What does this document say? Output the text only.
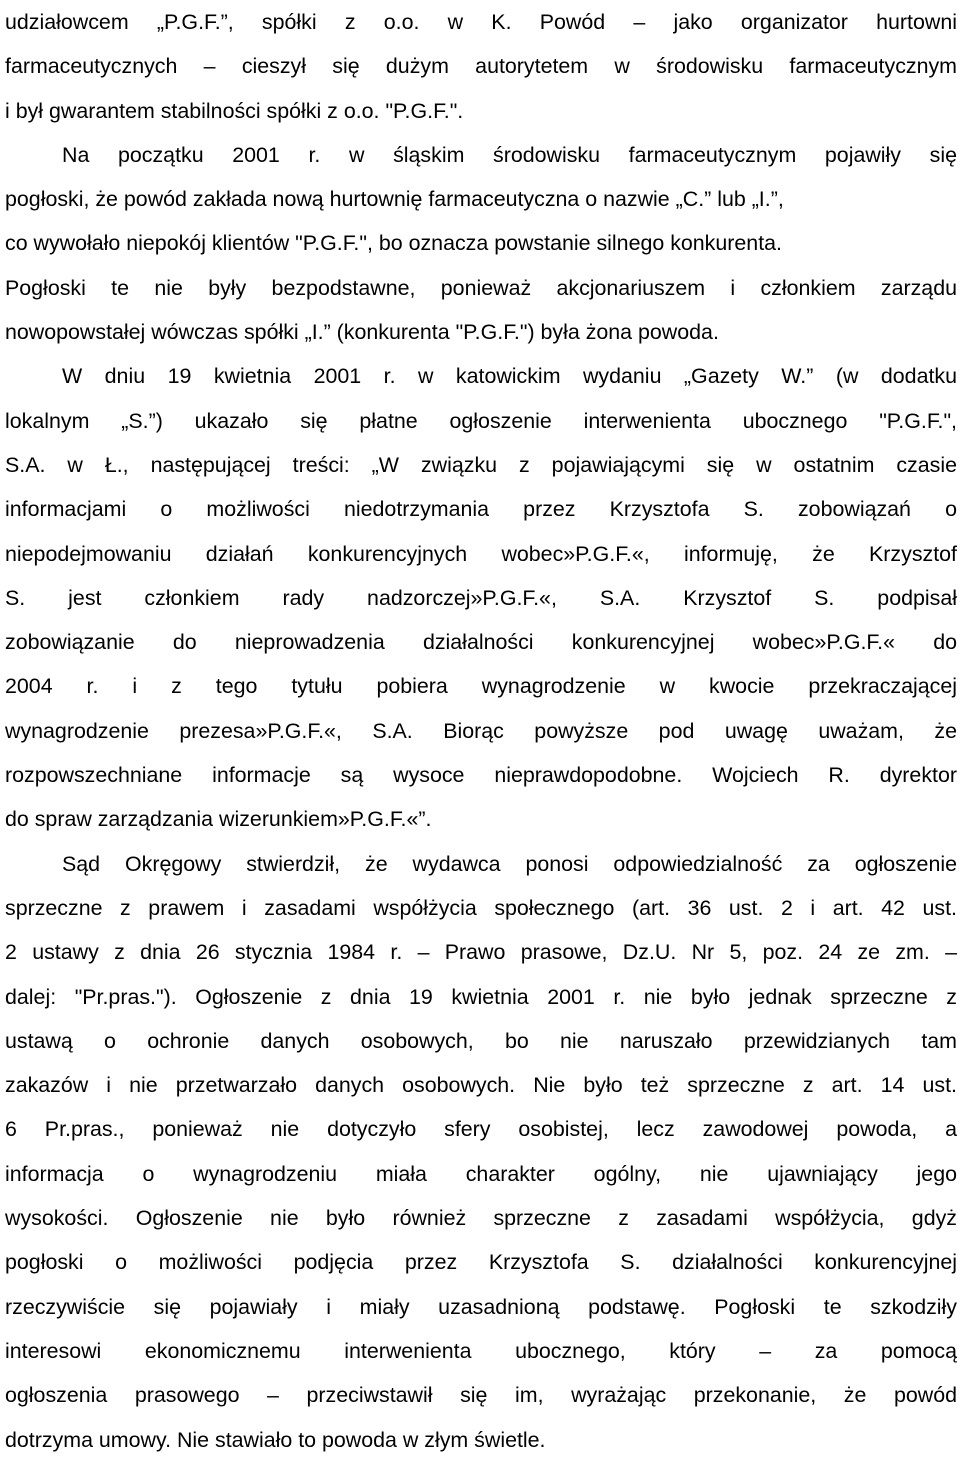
udziałowcem „P.G.F.”, spółki z o.o. w K. Powód – jako organizator hurtowni
farmaceutycznych – cieszył się dużym autorytetem w środowisku farmaceutycznym
i był gwarantem stabilności spółki z o.o. "P.G.F.".
Na początku 2001 r. w śląskim środowisku farmaceutycznym pojawiły się
pogłoski, że powód zakłada nową hurtownię farmaceutyczna o nazwie „C.” lub „I.”,
co wywołało niepokój klientów "P.G.F.", bo oznacza powstanie silnego konkurenta.
Pogłoski te nie były bezpodstawne, ponieważ akcjonariuszem i członkiem zarządu
nowopowstałej wówczas spółki „I.” (konkurenta "P.G.F.") była żona powoda.
W dniu 19 kwietnia 2001 r. w katowickim wydaniu „Gazety W.” (w dodatku
lokalnym „S.”) ukazało się płatne ogłoszenie interwenienta ubocznego "P.G.F.",
S.A. w Ł., następującej treści: „W związku z pojawiającymi się w ostatnim czasie
informacjami o możliwości niedotrzymania przez Krzysztofa S. zobowiązań o
niepodejmowaniu działań konkurencyjnych wobec»P.G.F.«, informuję, że Krzysztof
S. jest członkiem rady nadzorczej»P.G.F.«, S.A. Krzysztof S. podpisał
zobowiązanie do nieprowadzenia działalności konkurencyjnej wobec»P.G.F.« do
2004 r. i z tego tytułu pobiera wynagrodzenie w kwocie przekraczającej
wynagrodzenie prezesa»P.G.F.«, S.A. Biorąc powyższe pod uwagę uważam, że
rozpowszechniane informacje są wysoce nieprawdopodobne. Wojciech R. dyrektor
do spraw zarządzania wizerunkiem»P.G.F.«”.
Sąd Okręgowy stwierdził, że wydawca ponosi odpowiedzialność za ogłoszenie
sprzeczne z prawem i zasadami współżycia społecznego (art. 36 ust. 2 i art. 42 ust.
2 ustawy z dnia 26 stycznia 1984 r. – Prawo prasowe, Dz.U. Nr 5, poz. 24 ze zm. –
dalej: "Pr.pras."). Ogłoszenie z dnia 19 kwietnia 2001 r. nie było jednak sprzeczne z
ustawą o ochronie danych osobowych, bo nie naruszało przewidzianych tam
zakazów i nie przetwarzało danych osobowych. Nie było też sprzeczne z art. 14 ust.
6 Pr.pras., ponieważ nie dotyczyło sfery osobistej, lecz zawodowej powoda, a
informacja o wynagrodzeniu miała charakter ogólny, nie ujawniający jego
wysokości. Ogłoszenie nie było również sprzeczne z zasadami współżycia, gdyż
pogłoski o możliwości podjęcia przez Krzysztofa S. działalności konkurencyjnej
rzeczywiście się pojawiały i miały uzasadnioną podstawę. Pogłoski te szkodziły
interesowi ekonomicznemu interwenienta ubocznego, który – za pomocą
ogłoszenia prasowego – przeciwstawił się im, wyrażając przekonanie, że powód
dotrzyma umowy. Nie stawiało to powoda w złym świetle.
